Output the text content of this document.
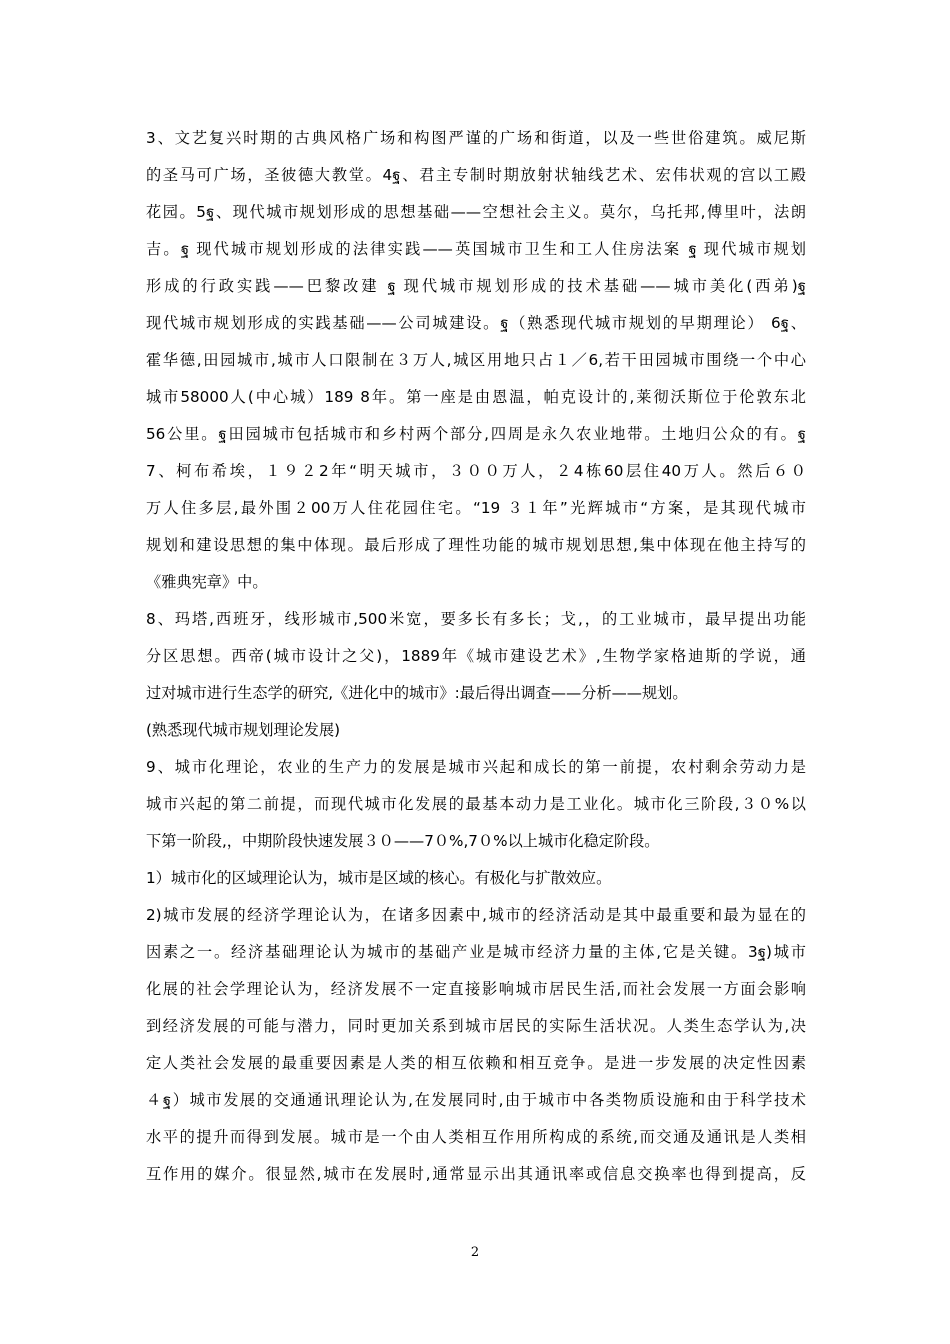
3、文艺复兴时期的古典风格广场和构图严谨的广场和街道，以及一些世俗建筑。威尼斯
的圣马可广场，圣彼德大教堂。4ฐ、君主专制时期放射状轴线艺术、宏伟状观的宫以工殿
花园。5ฐ、现代城市规划形成的思想基础——空想社会主义。莫尔，乌托邦,傅里叶，法朗
吉。ฐ 现代城市规划形成的法律实践——英国城市卫生和工人住房法案 ฐ 现代城市规划
形成的行政实践——巴黎改建 ฐ 现代城市规划形成的技术基础——城市美化(西弟)ฐ
现代城市规划形成的实践基础——公司城建设。ฐ（熟悉现代城市规划的早期理论） 6ฐ、
霍华德,田园城市,城市人口限制在３万人,城区用地只占１／6,若干田园城市围绕一个中心
城市58000人(中心城）189 8年。第一座是由恩温，帕克设计的,莱彻沃斯位于伦敦东北
56公里。ฐ田园城市包括城市和乡村两个部分,四周是永久农业地带。土地归公众的有。ฐ
7、柯布希埃，１９２2年“明天城市，３００万人，２4栋60层住40万人。然后６０
万人住多层,最外围２00万人住花园住宅。“19 ３１年”光辉城市“方案，是其现代城市
规划和建设思想的集中体现。最后形成了理性功能的城市规划思想,集中体现在他主持写的
《雅典宪章》中。
8、玛塔,西班牙，线形城市,500米宽，要多长有多长；戈,，的工业城市，最早提出功能
分区思想。西帝(城市设计之父)，1889年《城市建设艺术》,生物学家格迪斯的学说，通
过对城市进行生态学的研究,《进化中的城市》:最后得出调查——分析——规划。
(熟悉现代城市规划理论发展)
9、城市化理论，农业的生产力的发展是城市兴起和成长的第一前提，农村剩余劳动力是
城市兴起的第二前提，而现代城市化发展的最基本动力是工业化。城市化三阶段,３０%以
下第一阶段,，中期阶段快速发展３０——7０%,7０%以上城市化稳定阶段。
1）城市化的区域理论认为，城市是区域的核心。有极化与扩散效应。
2)城市发展的经济学理论认为，在诸多因素中,城市的经济活动是其中最重要和最为显在的
因素之一。经济基础理论认为城市的基础产业是城市经济力量的主体,它是关键。3ฐ)城市
化展的社会学理论认为，经济发展不一定直接影响城市居民生活,而社会发展一方面会影响
到经济发展的可能与潜力，同时更加关系到城市居民的实际生活状况。人类生态学认为,决
定人类社会发展的最重要因素是人类的相互依赖和相互竞争。是进一步发展的决定性因素
４ฐ）城市发展的交通通讯理论认为,在发展同时,由于城市中各类物质设施和由于科学技术
水平的提升而得到发展。城市是一个由人类相互作用所构成的系统,而交通及通讯是人类相
互作用的媒介。很显然,城市在发展时,通常显示出其通讯率或信息交换率也得到提高，反
2
